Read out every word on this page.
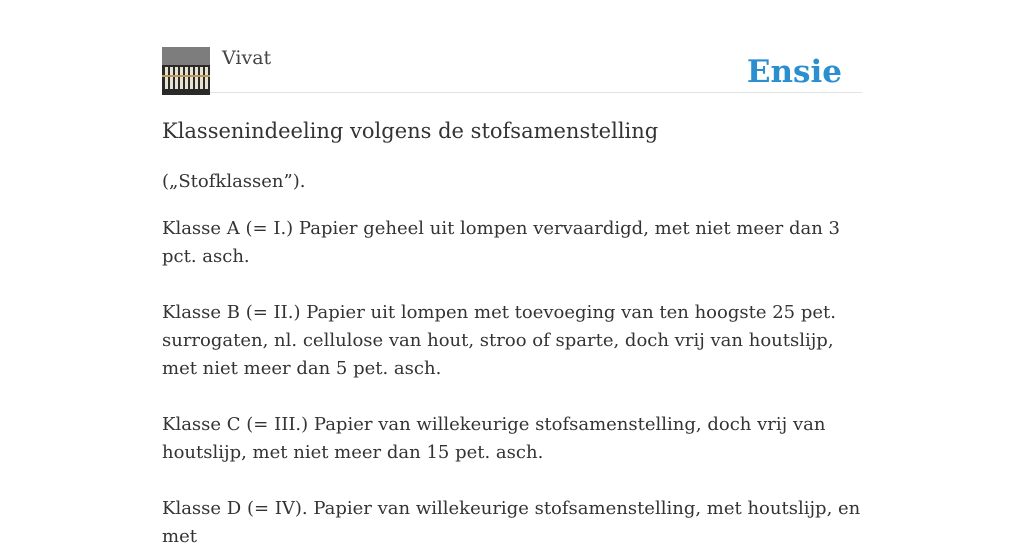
Vivat	Ensie
Klassenindeeling volgens de stofsamenstelling

(„Stofklassen”).

Klasse A (= I.) Papier geheel uit lompen vervaardigd, met niet meer dan 3 pct. asch.

Klasse B (= II.) Papier uit lompen met toevoeging van ten hoogste 25 pet. surrogaten, nl. cellulose van hout, stroo of sparte, doch vrij van houtslijp, met niet meer dan 5 pet. asch.

Klasse C (= III.) Papier van willekeurige stofsamenstelling, doch vrij van houtslijp, met niet meer dan 15 pet. asch.

Klasse D (= IV). Papier van willekeurige stofsamenstelling, met houtslijp, en met
